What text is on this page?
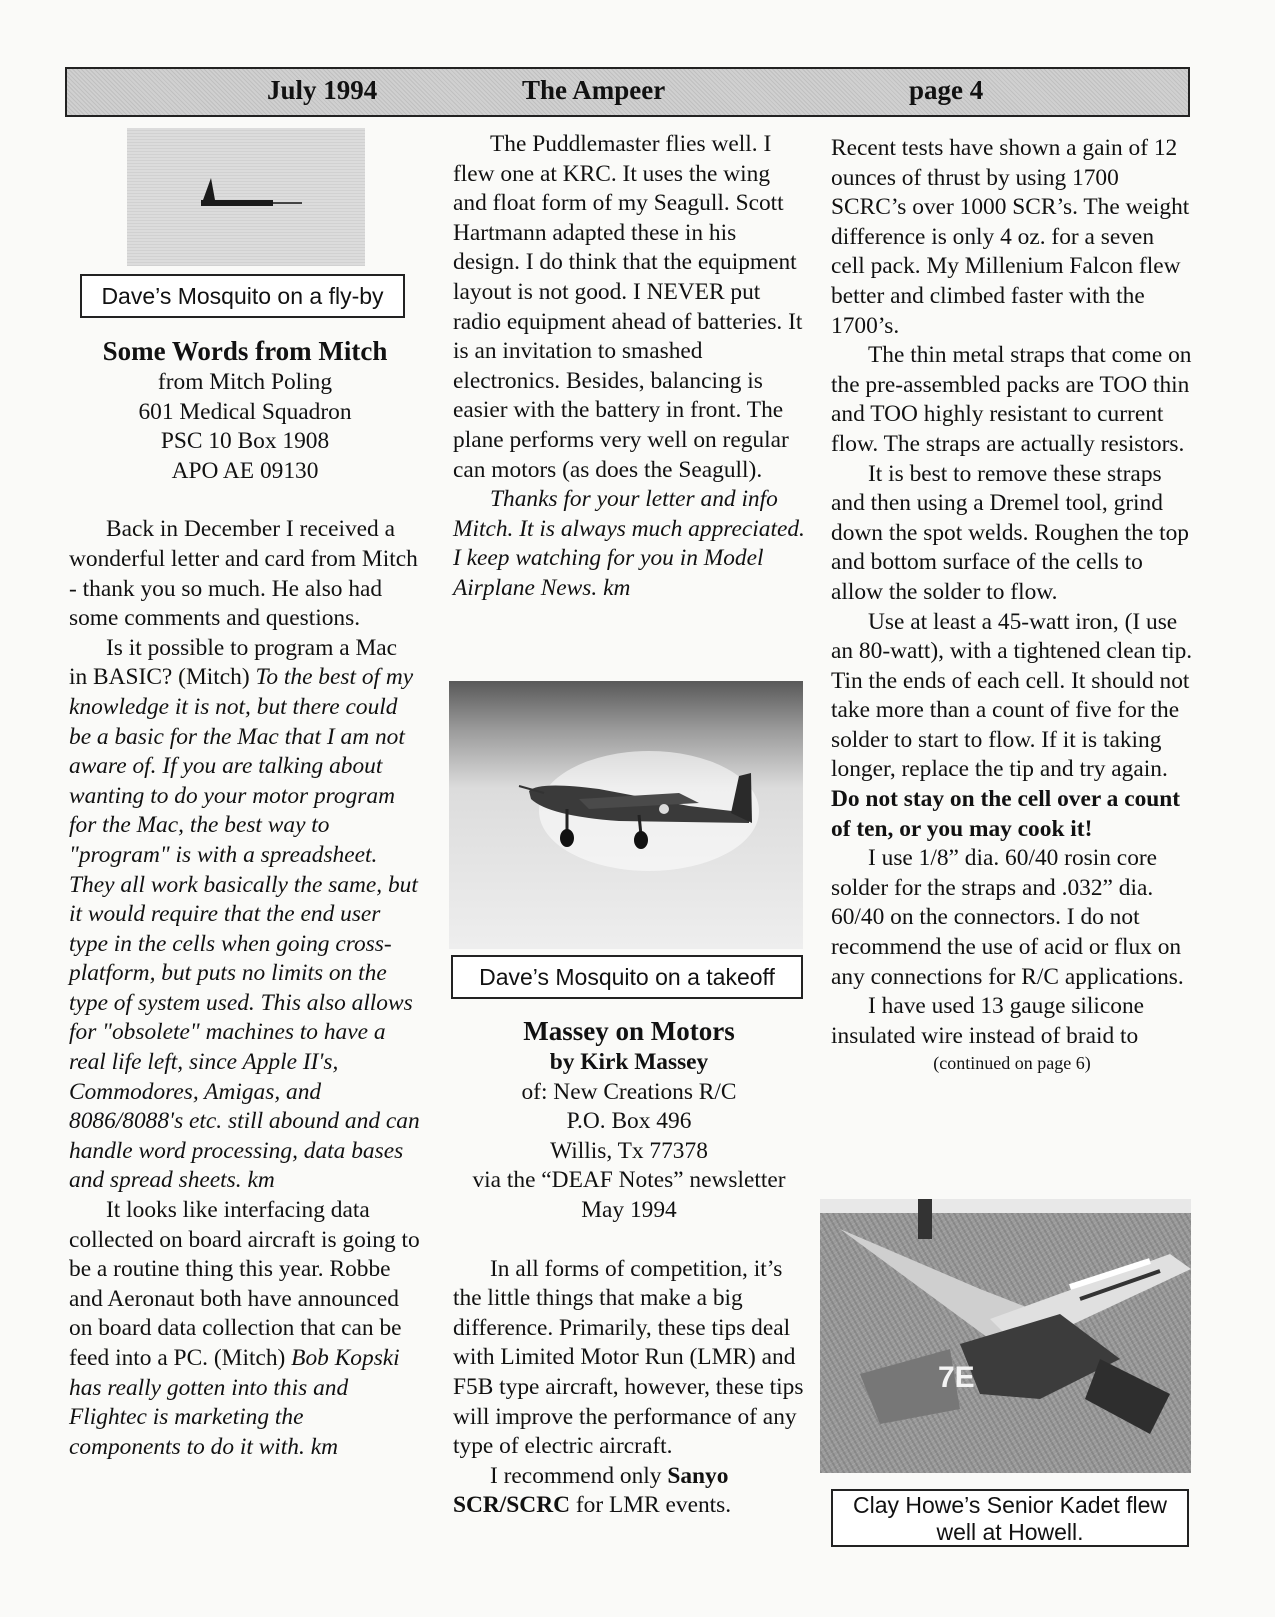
July 1994	The Ampeer	page 4
Dave’s Mosquito on a fly-by

Some Words from Mitch

from Mitch Poling

601 Medical Squadron

PSC 10 Box 1908

APO AE 09130

Back in December I received a wonderful letter and card from Mitch - thank you so much. He also had some comments and questions.

Is it possible to program a Mac in BASIC? (Mitch) To the best of my knowledge it is not, but there could be a basic for the Mac that I am not aware of. If you are talking about wanting to do your motor program for the Mac, the best way to "program" is with a spreadsheet. They all work basically the same, but it would require that the end user type in the cells when going cross-platform, but puts no limits on the type of system used. This also allows for "obsolete" machines to have a real life left, since Apple II's, Commodores, Amigas, and 8086/8088's etc. still abound and can handle word processing, data bases and spread sheets. km

It looks like interfacing data collected on board aircraft is going to be a routine thing this year. Robbe and Aeronaut both have announced on board data collection that can be feed into a PC. (Mitch) Bob Kopski has really gotten into this and Flightec is marketing the components to do it with. km

The Puddlemaster flies well. I flew one at KRC. It uses the wing and float form of my Seagull. Scott Hartmann adapted these in his design. I do think that the equipment layout is not good. I NEVER put radio equipment ahead of batteries. It is an invitation to smashed electronics. Besides, balancing is easier with the battery in front. The plane performs very well on regular can motors (as does the Seagull).

Thanks for your letter and info Mitch. It is always much appreciated. I keep watching for you in Model Airplane News. km

Dave’s Mosquito on a takeoff

Massey on Motors

by Kirk Massey

of: New Creations R/C

P.O. Box 496

Willis, Tx 77378

via the “DEAF Notes” newsletter

May 1994

In all forms of competition, it’s the little things that make a big difference. Primarily, these tips deal with Limited Motor Run (LMR) and F5B type aircraft, however, these tips will improve the performance of any type of electric aircraft.

I recommend only Sanyo SCR/SCRC for LMR events.

Recent tests have shown a gain of 12 ounces of thrust by using 1700 SCRC’s over 1000 SCR’s. The weight difference is only 4 oz. for a seven cell pack. My Millenium Falcon flew better and climbed faster with the 1700’s.

The thin metal straps that come on the pre-assembled packs are TOO thin and TOO highly resistant to current flow. The straps are actually resistors.

It is best to remove these straps and then using a Dremel tool, grind down the spot welds. Roughen the top and bottom surface of the cells to allow the solder to flow.

Use at least a 45-watt iron, (I use an 80-watt), with a tightened clean tip. Tin the ends of each cell. It should not take more than a count of five for the solder to start to flow. If it is taking longer, replace the tip and try again. Do not stay on the cell over a count of ten, or you may cook it!

I use 1/8” dia. 60/40 rosin core solder for the straps and .032” dia. 60/40 on the connectors. I do not recommend the use of acid or flux on any connections for R/C applications.

I have used 13 gauge silicone insulated wire instead of braid to

(continued on page 6)

7E
Clay Howe’s Senior Kadet flew well at Howell.
